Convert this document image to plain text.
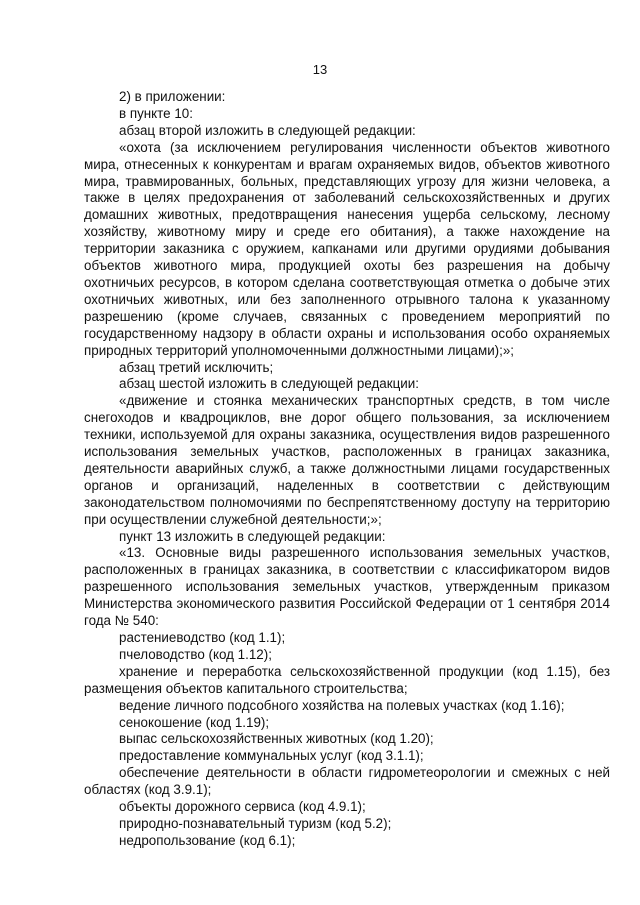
13

2) в приложении:

в пункте 10:

абзац второй изложить в следующей редакции:

«охота (за исключением регулирования численности объектов животного мира, отнесенных к конкурентам и врагам охраняемых видов, объектов животного мира, травмированных, больных, представляющих угрозу для жизни человека, а также в целях предохранения от заболеваний сельскохозяйственных и других домашних животных, предотвращения нанесения ущерба сельскому, лесному хозяйству, животному миру и среде его обитания), а также нахождение на территории заказника с оружием, капканами или другими орудиями добывания объектов животного мира, продукцией охоты без разрешения на добычу охотничьих ресурсов, в котором сделана соответствующая отметка о добыче этих охотничьих животных, или без заполненного отрывного талона к указанному разрешению (кроме случаев, связанных с проведением мероприятий по государственному надзору в области охраны и использования особо охраняемых природных территорий уполномоченными должностными лицами);»;

абзац третий исключить;

абзац шестой изложить в следующей редакции:

«движение и стоянка механических транспортных средств, в том числе снегоходов и квадроциклов, вне дорог общего пользования, за исключением техники, используемой для охраны заказника, осуществления видов разрешенного использования земельных участков, расположенных в границах заказника, деятельности аварийных служб, а также должностными лицами государственных органов и организаций, наделенных в соответствии с действующим законодательством полномочиями по беспрепятственному доступу на территорию при осуществлении служебной деятельности;»;

пункт 13 изложить в следующей редакции:

«13. Основные виды разрешенного использования земельных участков, расположенных в границах заказника, в соответствии с классификатором видов разрешенного использования земельных участков, утвержденным приказом Министерства экономического развития Российской Федерации от 1 сентября 2014 года № 540:

растениеводство (код 1.1);

пчеловодство (код 1.12);

хранение и переработка сельскохозяйственной продукции (код 1.15), без размещения объектов капитального строительства;

ведение личного подсобного хозяйства на полевых участках (код 1.16);

сенокошение (код 1.19);

выпас сельскохозяйственных животных (код 1.20);

предоставление коммунальных услуг (код 3.1.1);

обеспечение деятельности в области гидрометеорологии и смежных с ней областях (код 3.9.1);

объекты дорожного сервиса (код 4.9.1);

природно-познавательный туризм (код 5.2);

недропользование (код 6.1);
